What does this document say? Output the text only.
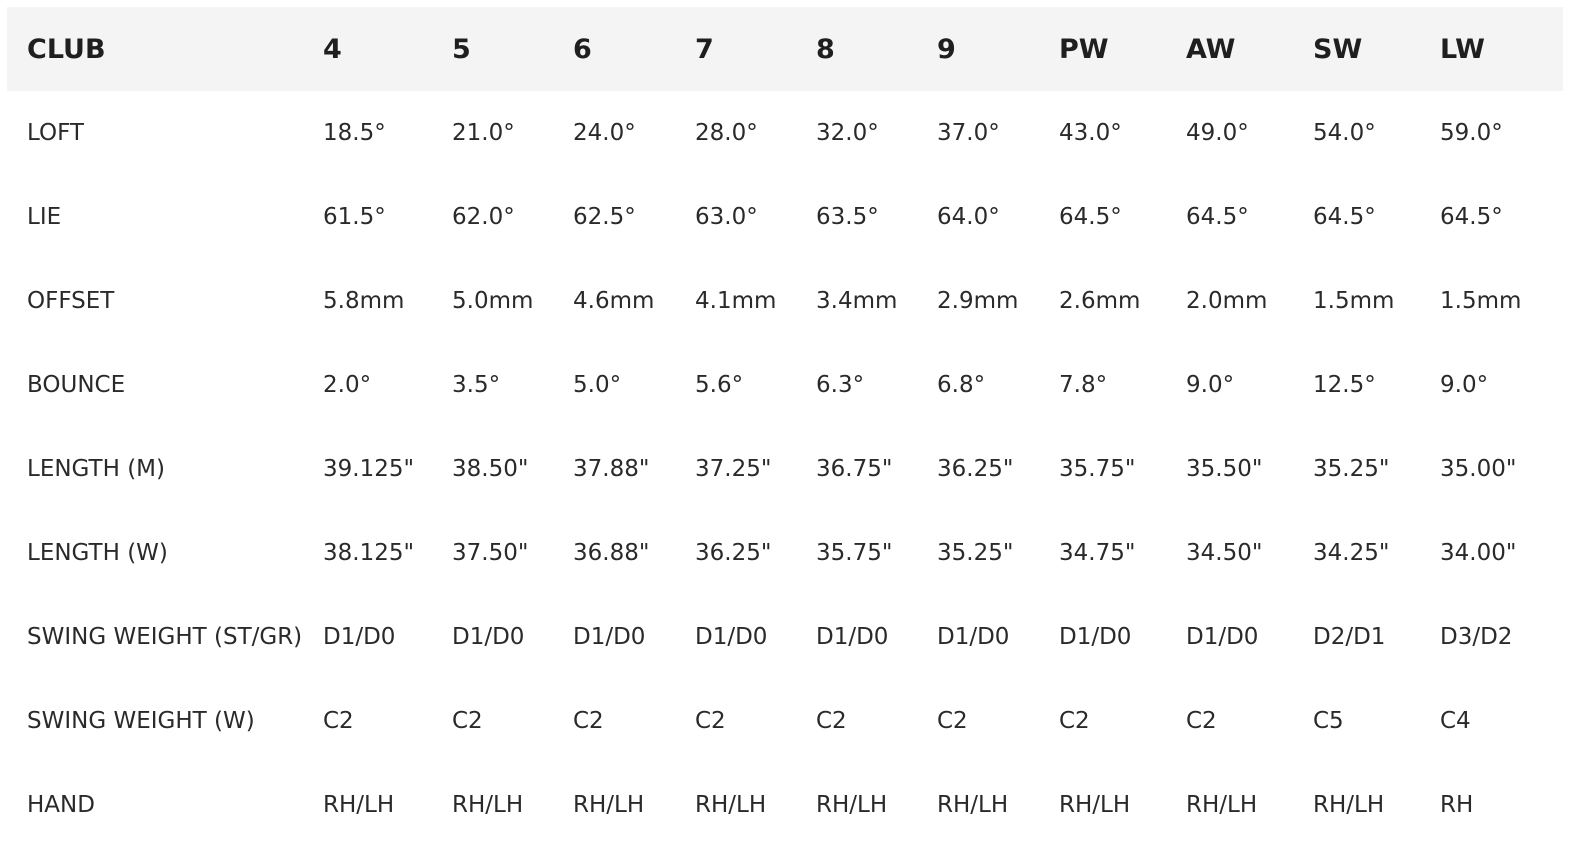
CLUB	4	5	6	7	8	9	PW	AW	SW	LW
LOFT	18.5°	21.0°	24.0°	28.0°	32.0°	37.0°	43.0°	49.0°	54.0°	59.0°
LIE	61.5°	62.0°	62.5°	63.0°	63.5°	64.0°	64.5°	64.5°	64.5°	64.5°
OFFSET	5.8mm	5.0mm	4.6mm	4.1mm	3.4mm	2.9mm	2.6mm	2.0mm	1.5mm	1.5mm
BOUNCE	2.0°	3.5°	5.0°	5.6°	6.3°	6.8°	7.8°	9.0°	12.5°	9.0°
LENGTH (M)	39.125"	38.50"	37.88"	37.25"	36.75"	36.25"	35.75"	35.50"	35.25"	35.00"
LENGTH (W)	38.125"	37.50"	36.88"	36.25"	35.75"	35.25"	34.75"	34.50"	34.25"	34.00"
SWING WEIGHT (ST/GR)	D1/D0	D1/D0	D1/D0	D1/D0	D1/D0	D1/D0	D1/D0	D1/D0	D2/D1	D3/D2
SWING WEIGHT (W)	C2	C2	C2	C2	C2	C2	C2	C2	C5	C4
HAND	RH/LH	RH/LH	RH/LH	RH/LH	RH/LH	RH/LH	RH/LH	RH/LH	RH/LH	RH
